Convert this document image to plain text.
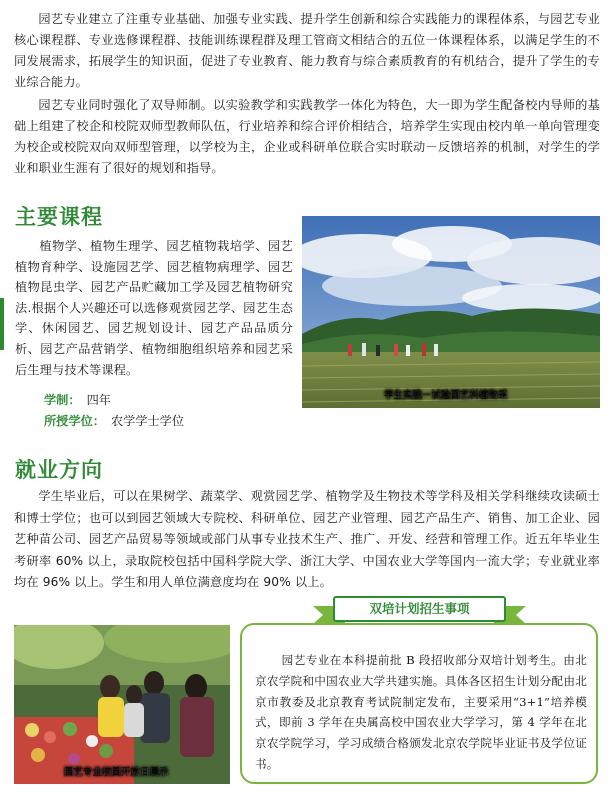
园艺专业建立了注重专业基础、加强专业实践、提升学生创新和综合实践能力的课程体系，与园艺专业核心课程群、专业选修课程群、技能训练课程群及理工管商文相结合的五位一体课程体系，以满足学生的不同发展需求，拓展学生的知识面，促进了专业教育、能力教育与综合素质教育的有机结合，提升了学生的专业综合能力。

园艺专业同时强化了双导师制。以实验教学和实践教学一体化为特色，大一即为学生配备校内导师的基础上组建了校企和校院双师型教师队伍，行业培养和综合评价相结合，培养学生实现由校内单一单向管理变为校企或校院双向双师型管理，以学校为主，企业或科研单位联合实时联动－反馈培养的机制，对学生的学业和职业生涯有了很好的规划和指导。

主要课程

植物学、植物生理学、园艺植物栽培学、园艺植物育种学、设施园艺学、园艺植物病理学、园艺植物昆虫学、园艺产品贮藏加工学及园艺植物研究法.根据个人兴趣还可以选修观赏园艺学、园艺生态学、休闲园艺、园艺规划设计、园艺产品品质分析、园艺产品营销学、植物细胞组织培养和园艺采后生理与技术等课程。

学制： 四年
所授学位： 农学学士学位
学生实践－试验园艺科植物采
就业方向

学生毕业后，可以在果树学、蔬菜学、观赏园艺学、植物学及生物技术等学科及相关学科继续攻读硕士和博士学位；也可以到园艺领域大专院校、科研单位、园艺产业管理、园艺产品生产、销售、加工企业、园艺种苗公司、园艺产品贸易等领域或部门从事专业技术生产、推广、开发、经营和管理工作。近五年毕业生考研率 60% 以上，录取院校包括中国科学院大学、浙江大学、中国农业大学等国内一流大学；专业就业率均在 96% 以上。学生和用人单位满意度均在 90% 以上。

园艺专业校园开放日展示
双培计划招生事项

园艺专业在本科提前批 B 段招收部分双培计划考生。由北京农学院和中国农业大学共建实施。具体各区招生计划分配由北京市教委及北京教育考试院制定发布，主要采用“3+1”培养模式，即前 3 学年在央属高校中国农业大学学习，第 4 学年在北京农学院学习，学习成绩合格颁发北京农学院毕业证书及学位证书。
